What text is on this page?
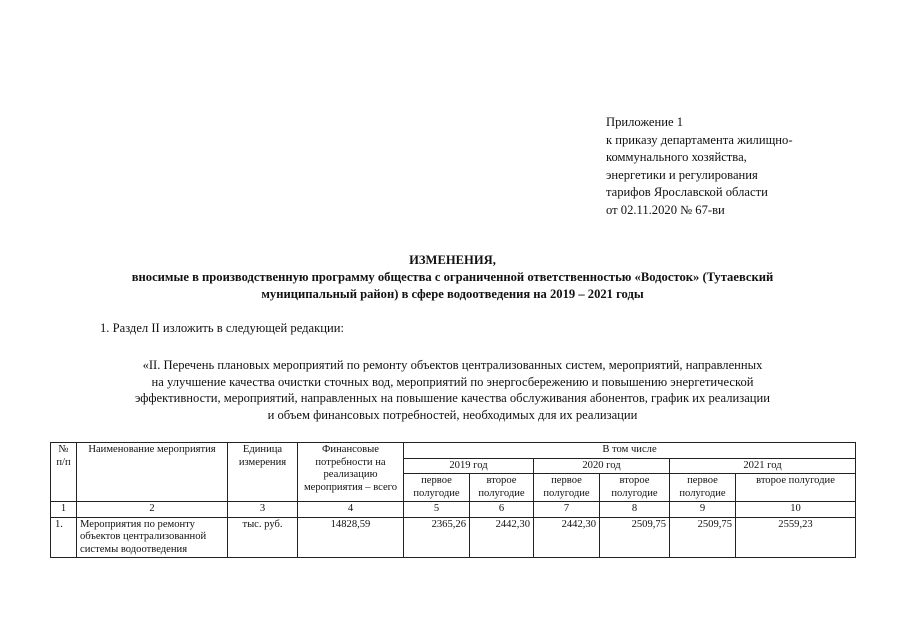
Приложение 1
к приказу департамента жилищно-
коммунального хозяйства,
энергетики и регулирования
тарифов Ярославской области
от 02.11.2020 № 67-ви
ИЗМЕНЕНИЯ,
вносимые в производственную программу общества с ограниченной ответственностью «Водосток» (Тутаевский
муниципальный район) в сфере водоотведения на 2019 – 2021 годы
1. Раздел II изложить в следующей редакции:
«II. Перечень плановых мероприятий по ремонту объектов централизованных систем, мероприятий, направленных
на улучшение качества очистки сточных вод, мероприятий по энергосбережению и повышению энергетической
эффективности, мероприятий, направленных на повышение качества обслуживания абонентов, график их реализации
и объем финансовых потребностей, необходимых для их реализации
№ п/п	Наименование мероприятия	Единица измерения	Финансовые потребности на реализацию мероприятия – всего	В том числе					
				2019 год		2020 год		2021 год	
				первое полугодие	второе полугодие	первое полугодие	второе полугодие	первое полугодие	второе полугодие
1	2	3	4	5	6	7	8	9	10
1.	Мероприятия по ремонту объектов централизованной системы водоотведения	тыс. руб.	14828,59	2365,26	2442,30	2442,30	2509,75	2509,75	2559,23
